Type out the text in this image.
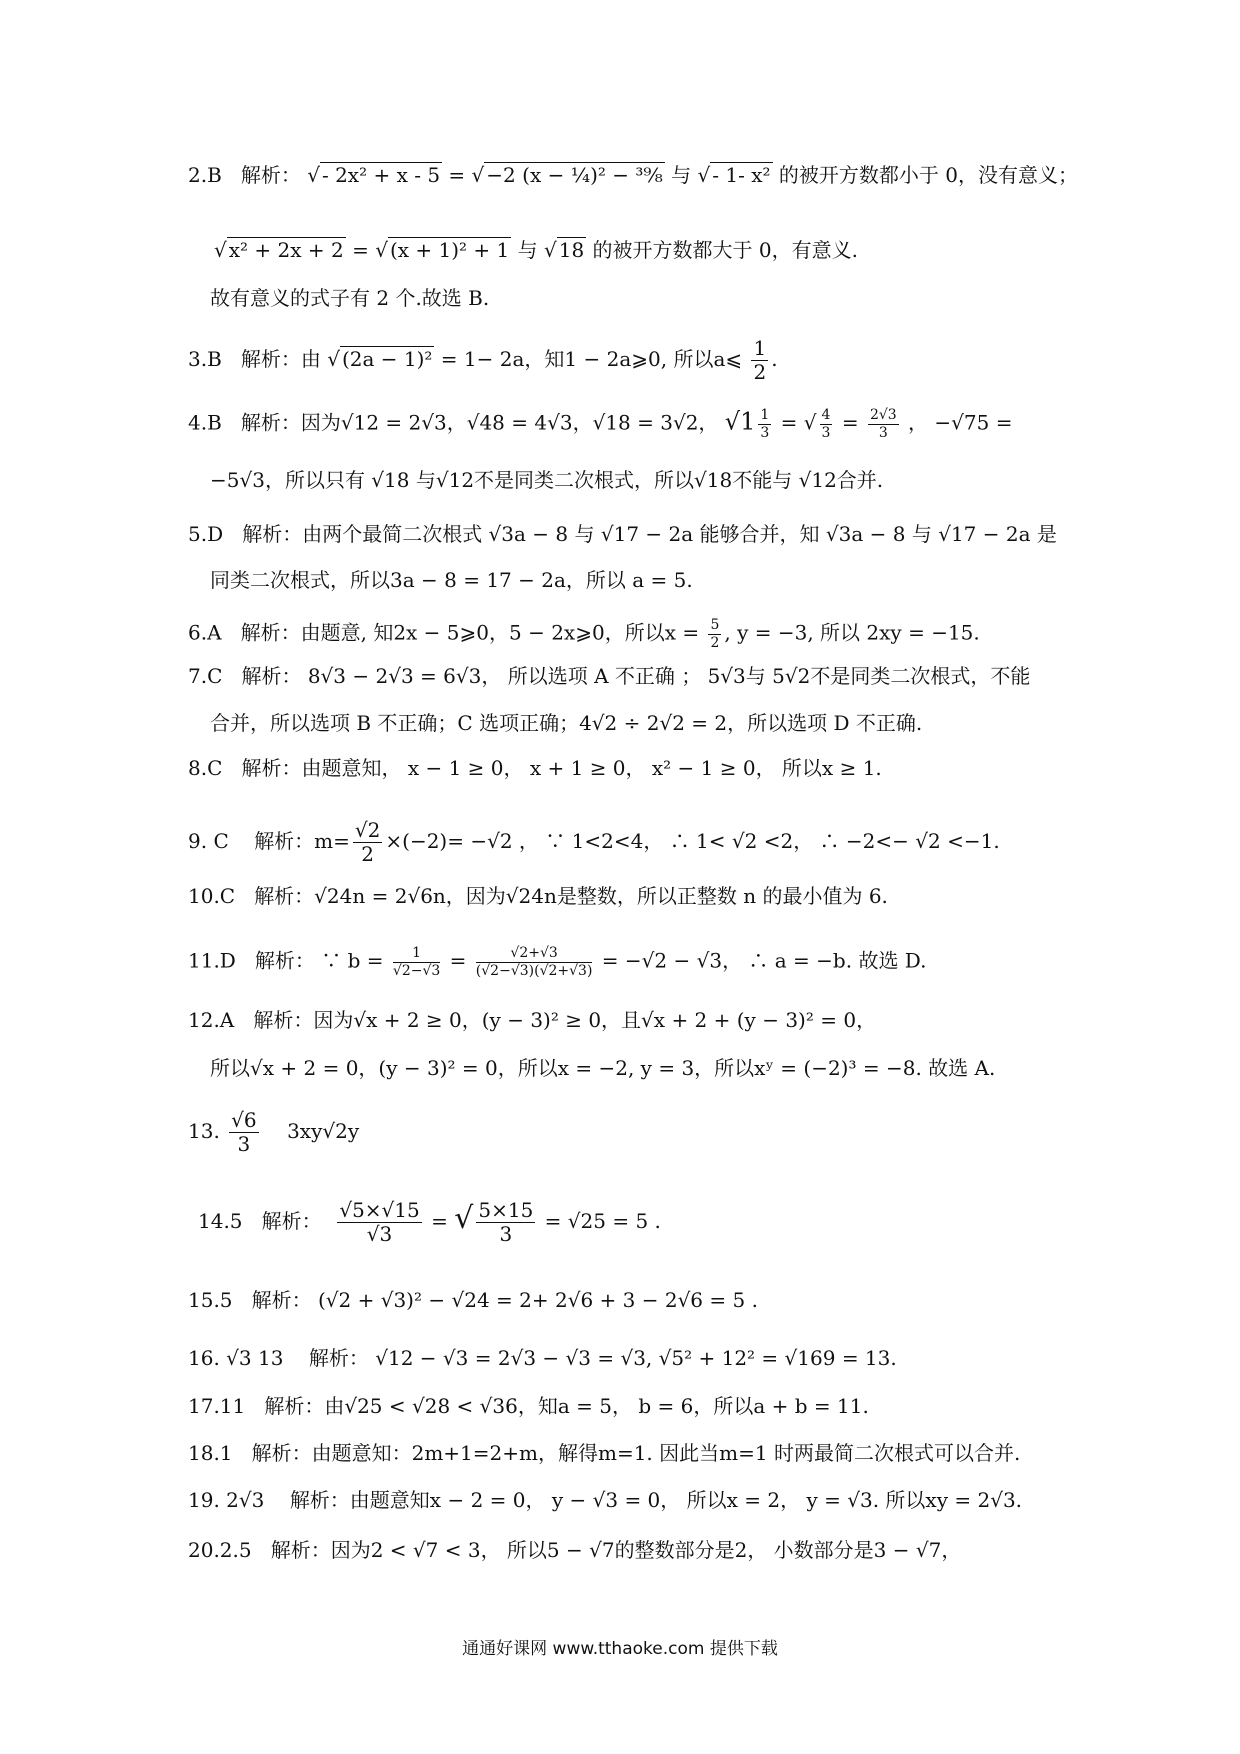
2.B 解析： √ - 2x² + x - 5 = √ −2 (x − ¹⁄₄)² − ³⁹⁄₈ 与 √ - 1- x² 的被开方数都小于 0，没有意义；
√ x² + 2x + 2 = √ (x + 1)² + 1 与 √ 18 的被开方数都大于 0，有意义.
故有意义的式子有 2 个.故选 B.
3.B 解析：由 √ (2a − 1)² = 1− 2a，知1 − 2a⩾0, 所以a⩽ $\frac{1}{2}$ .
4.B 解析：因为√12 = 2√3，√48 = 4√3，√18 = 3√2， $√1 \frac{1}{3}$ = √ $\frac{4}{3} = \frac{2√3}{3}$ ， −√75 =
−5√3，所以只有 √18 与√12不是同类二次根式，所以√18不能与 √12合并.
5.D 解析：由两个最简二次根式 √3a − 8 与 √17 − 2a 能够合并，知 √3a − 8 与 √17 − 2a 是
同类二次根式，所以3a − 8 = 17 − 2a，所以 a = 5.
6.A 解析：由题意, 知2x − 5⩾0，5 − 2x⩾0，所以$x = \frac{5}{2}$ , y = −3, 所以 2xy = −15.
7.C 解析： 8√3 − 2√3 = 6√3， 所以选项 A 不正确 ； 5√3与 5√2不是同类二次根式，不能
合并，所以选项 B 不正确；C 选项正确；4√2 ÷ 2√2 = 2，所以选项 D 不正确.
8.C 解析：由题意知， x − 1 ≥ 0， x + 1 ≥ 0， x² − 1 ≥ 0， 所以x ≥ 1.
9. C 解析：$m= \frac{√2}{2} \times(-2)= -√2$ ， ∵ 1<2<4， ∴ 1< √2 <2， ∴ −2<− √2 <−1.
10.C 解析：√24n = 2√6n，因为√24n是整数，所以正整数 n 的最小值为 6.
11.D 解析： ∵ $b = \frac{1}{√2-√3} = \frac{√2+√3}{(√2-√3)(√2+√3)} = -√2 - √3$， ∴ a = −b. 故选 D.
12.A 解析：因为√x + 2 ≥ 0，(y − 3)² ≥ 0，且√x + 2 + (y − 3)² = 0，
所以√x + 2 = 0，(y − 3)² = 0，所以x = −2, y = 3，所以xʸ = (−2)³ = −8. 故选 A.
13. $\frac{√6}{3} 3xy√2y$
14.5 解析： $\frac{√5\times√15}{√3}$ = √ $\frac{5\times 15}{3} = √25 = 5$ .
15.5 解析： (√2 + √3)² − √24 = 2+ 2√6 + 3 − 2√6 = 5 .
16. √3 13 解析： √12 − √3 = 2√3 − √3 = √3, √5² + 12² = √169 = 13.
17.11 解析：由√25 < √28 < √36，知a = 5， b = 6，所以a + b = 11.
18.1 解析：由题意知：2m+1=2+m，解得m=1. 因此当m=1 时两最简二次根式可以合并.
19. 2√3 解析：由题意知x − 2 = 0， y − √3 = 0， 所以x = 2， y = √3. 所以xy = 2√3.
20.2.5 解析：因为2 < √7 < 3， 所以5 − √7的整数部分是2， 小数部分是3 − √7，
通通好课网 www.tthaoke.com 提供下载
